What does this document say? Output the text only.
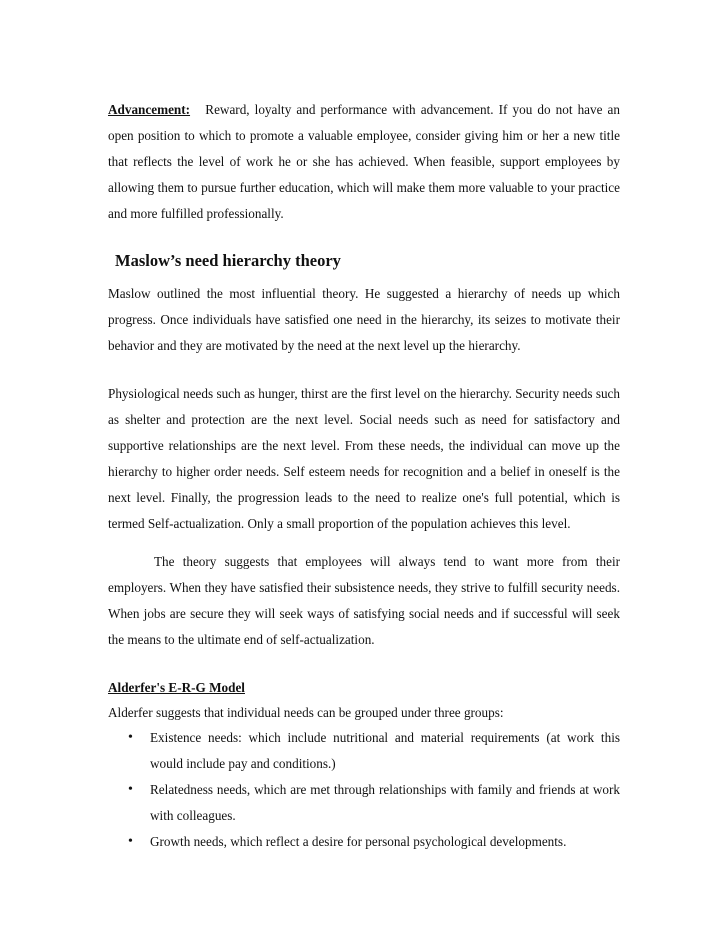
Advancement: Reward, loyalty and performance with advancement. If you do not have an open position to which to promote a valuable employee, consider giving him or her a new title that reflects the level of work he or she has achieved. When feasible, support employees by allowing them to pursue further education, which will make them more valuable to your practice and more fulfilled professionally.
Maslow’s need hierarchy theory
Maslow outlined the most influential theory. He suggested a hierarchy of needs up which progress. Once individuals have satisfied one need in the hierarchy, its seizes to motivate their behavior and they are motivated by the need at the next level up the hierarchy.
Physiological needs such as hunger, thirst are the first level on the hierarchy. Security needs such as shelter and protection are the next level. Social needs such as need for satisfactory and supportive relationships are the next level. From these needs, the individual can move up the hierarchy to higher order needs. Self esteem needs for recognition and a belief in oneself is the next level. Finally, the progression leads to the need to realize one's full potential, which is termed Self-actualization. Only a small proportion of the population achieves this level.
The theory suggests that employees will always tend to want more from their employers. When they have satisfied their subsistence needs, they strive to fulfill security needs. When jobs are secure they will seek ways of satisfying social needs and if successful will seek the means to the ultimate end of self-actualization.
Alderfer's E-R-G Model
Alderfer suggests that individual needs can be grouped under three groups:
• Existence needs: which include nutritional and material requirements (at work this would include pay and conditions.)
• Relatedness needs, which are met through relationships with family and friends at work with colleagues.
• Growth needs, which reflect a desire for personal psychological developments.
